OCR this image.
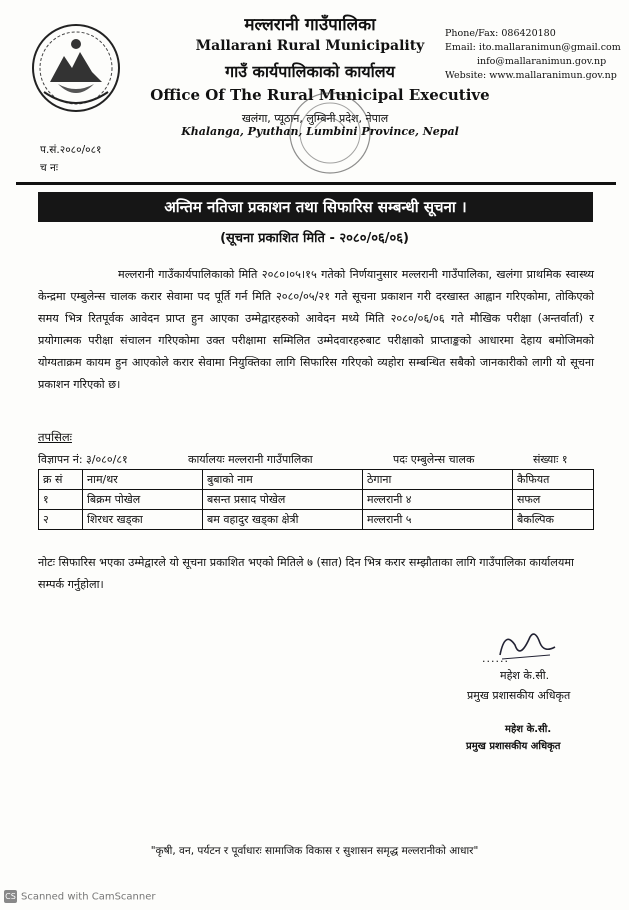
मल्लरानी गाउँपालिका
Mallarani Rural Municipality
गाउँ कार्यपालिकाको कार्यालय
Office Of The Rural Municipal Executive
खलंगा, प्यूठान, लुम्बिनी प्रदेश, नेपाल
Khalanga, Pyuthan, Lumbini Province, Nepal
Phone/Fax: 086420180
Email: ito.mallaranimun@gmail.com
info@mallaranimun.gov.np
Website: www.mallaranimun.gov.np
प.सं.२०८०/०८१
च नः
अन्तिम नतिजा प्रकाशन तथा सिफारिस सम्बन्धी सूचना ।
(सूचना प्रकाशित मिति - २०८०/०६/०६)
मल्लरानी गाउँकार्यपालिकाको मिति २०८०।०५।१५ गतेको निर्णयानुसार मल्लरानी गाउँपालिका, खलंगा प्राथमिक स्वास्थ्य केन्द्रमा एम्बुलेन्स चालक करार सेवामा पद पूर्ति गर्न मिति २०८०/०५/२१ गते सूचना प्रकाशन गरी दरखास्त आह्वान गरिएकोमा, तोकिएको समय भित्र रितपूर्वक आवेदन प्राप्त हुन आएका उम्मेद्वारहरुको आवेदन मध्ये मिति २०८०/०६/०६ गते मौखिक परीक्षा (अन्तर्वार्ता) र प्रयोगात्मक परीक्षा संचालन गरिएकोमा उक्त परीक्षामा सम्मिलित उम्मेदवारहरुबाट परीक्षाको प्राप्ताङ्कको आधारमा देहाय बमोजिमको योग्यताक्रम कायम हुन आएकोले करार सेवामा नियुक्तिका लागि सिफारिस गरिएको व्यहोरा सम्बन्धित सबैको जानकारीको लागी यो सूचना प्रकाशन गरिएको छ।
तपसिलः
विज्ञापन नं: ३/०८०/८१	कार्यालयः मल्लरानी गाउँपालिका	पदः एम्बुलेन्स चालक	संख्याः १
क्र सं	नाम/थर	बुबाको नाम	ठेगाना	कैफियत
१	बिक्रम पोखेल	बसन्त प्रसाद पोखेल	मल्लरानी ४	सफल
२	शिरधर खड्का	बम वहादुर खड्का क्षेत्री	मल्लरानी ५	बैकल्पिक
नोटः सिफारिस भएका उम्मेद्वारले यो सूचना प्रकाशित भएको मितिले ७ (सात) दिन भित्र करार सम्झौताका लागि गाउँपालिका कार्यालयमा सम्पर्क गर्नुहोला।
......
महेश के.सी.
प्रमुख प्रशासकीय अधिकृत
महेश के.सी.
प्रमुख प्रशासकीय अधिकृत
"कृषी, वन, पर्यटन र पूर्वाधारः सामाजिक विकास र सुशासन समृद्ध मल्लरानीको आधार"
CS Scanned with CamScanner
